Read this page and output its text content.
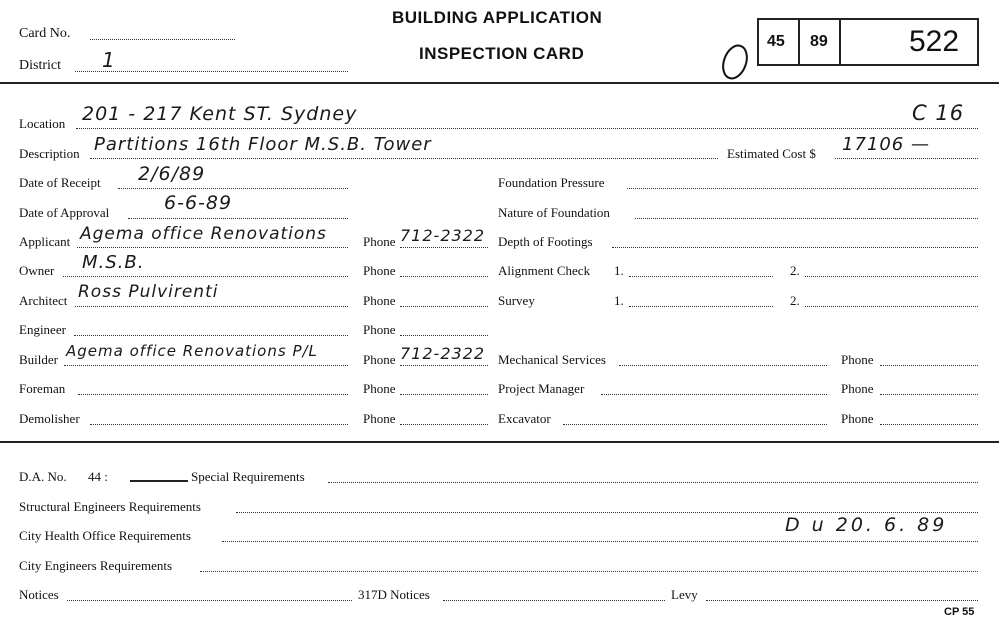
Card No.
District 1
BUILDING APPLICATION
INSPECTION CARD
45 89	522
Location 201 - 217 Kent ST. Sydney	C 16
Description Partitions 16th Floor M.S.B. Tower	Estimated Cost $ 17106 —
Date of Receipt 2/6/89
Date of Approval	6-6-89
Applicant Agema office Renovations	Phone 712-2322
Owner M.S.B.	Phone
Architect Ross Pulvirenti	Phone
Engineer	Phone
Builder Agema office Renovations P/L	Phone 712-2322
Foreman	Phone
Demolisher	Phone
Foundation Pressure
Nature of Foundation
Depth of Footings
Alignment Check 1.	2.
Survey	1.	2.
Mechanical Services	Phone
Project Manager	Phone
Excavator	Phone
D.A. No. 44 :	Special Requirements
Structural Engineers Requirements
City Health Office Requirements	D u 20. 6. 89
City Engineers Requirements
Notices	317D Notices	Levy
CP 55
